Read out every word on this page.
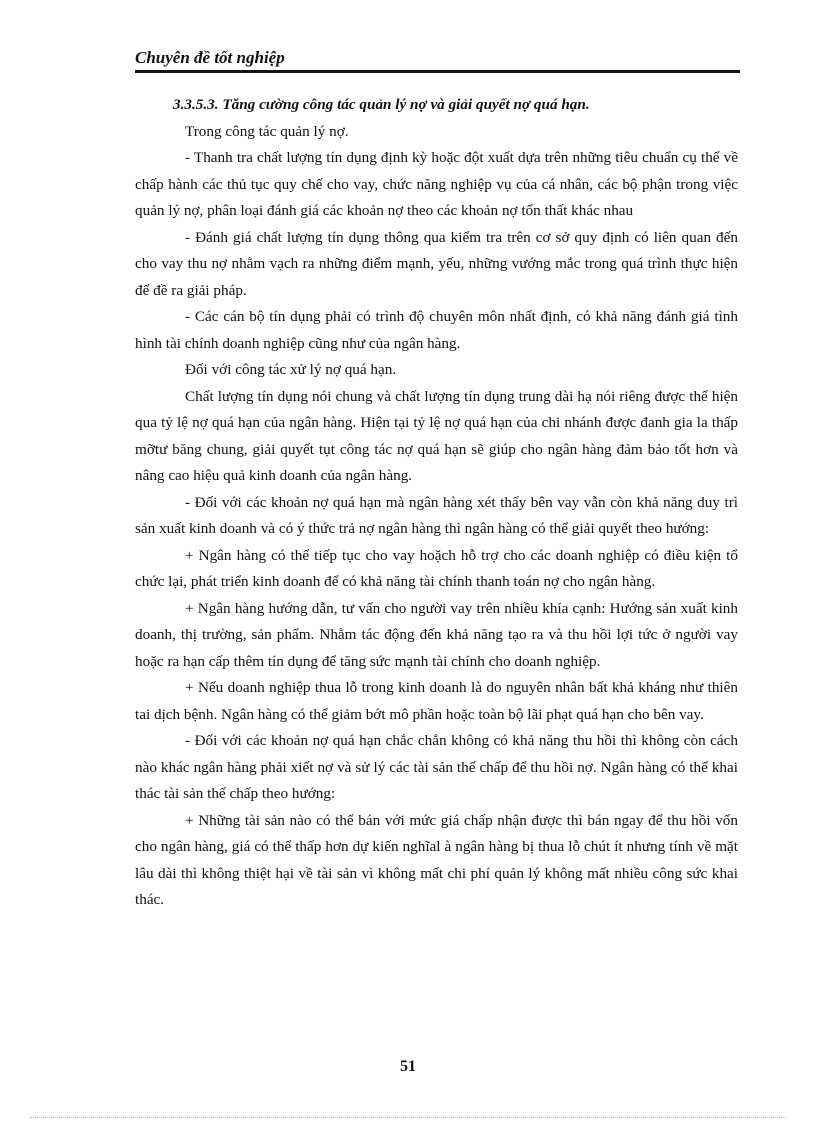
Chuyên đề tốt nghiệp

3.3.5.3. Tăng cường công tác quản lý nợ và giải quyết nợ quá hạn.

Trong công tác quản lý nợ.

- Thanh tra chất lượng tín dụng định kỳ hoặc đột xuất dựa trên những tiêu chuẩn cụ thể về chấp hành các thủ tục quy chế cho vay, chức năng nghiệp vụ của cá nhân, các bộ phận trong việc quản lý nợ, phân loại đánh giá các khoản nợ theo các khoản nợ tổn thất khác nhau

- Đánh giá chất lượng tín dụng thông qua kiểm tra trên cơ sở quy định có liên quan đến cho vay thu nợ nhằm vạch ra những điểm mạnh, yếu, những vướng mắc trong quá trình thực hiện để đề ra giải pháp.

- Các cán bộ tín dụng phải có trình độ chuyên môn nhất định, có khả năng đánh giá tình hình tài chính doanh nghiệp cũng như của ngân hàng.

Đối với công tác xử lý nợ quá hạn.

Chất lượng tín dụng nói chung và chất lượng tín dụng trung dài hạ nói riêng được thể hiện qua tỷ lệ nợ quá hạn của ngân hàng. Hiện tại tỷ lệ nợ quá hạn của chi nhánh được đanh gia la thấp mỡtư băng chung, giải quyết tụt công tác nợ quá hạn sẽ giúp cho ngân hàng đảm bảo tốt hơn và nâng cao hiệu quả kinh doanh của ngân hàng.

- Đối với các khoản nợ quá hạn mà ngân hàng xét thấy bên vay vẫn còn khả năng duy trì sản xuất kinh doanh và có ý thức trả nợ ngân hàng thì ngân hàng có thể giải quyết theo hướng:

+ Ngân hàng có thể tiếp tục cho vay hoặch hỗ trợ cho các doanh nghiệp có điều kiện tổ chức lại, phát triển kinh doanh để có khả năng tài chính thanh toán nợ cho ngân hàng.

+ Ngân hàng hướng dẫn, tư vấn cho người vay trên nhiều khía cạnh: Hướng sản xuất kinh doanh, thị trường, sản phẩm. Nhằm tác động đến khả năng tạo ra và thu hồi lợi tức ở người vay hoặc ra hạn cấp thêm tín dụng để tăng sức mạnh tài chính cho doanh nghiệp.

+ Nếu doanh nghiệp thua lỗ trong kinh doanh là do nguyên nhân bất khả kháng như thiên tai dịch bệnh. Ngân hàng có thể giảm bớt mô phần hoặc toàn bộ lãi phạt quá hạn cho bên vay.

- Đối với các khoản nợ quá hạn chắc chắn không có khả năng thu hồi thì không còn cách nào khác ngân hàng phải xiết nợ và sử lý các tài sản thế chấp để thu hồi nợ. Ngân hàng có thể khai thác tài sản thế chấp theo hướng:

+ Những tài sản nào có thể bán với mức giá chấp nhận được thì bán ngay để thu hồi vốn cho ngân hàng, giá có thể thấp hơn dự kiến nghĩal à ngân hàng bị thua lỗ chút ít nhưng tính về mặt lâu dài thì không thiệt hại về tài sản vì không mất chi phí quản lý không mất nhiều công sức khai thác.

51
